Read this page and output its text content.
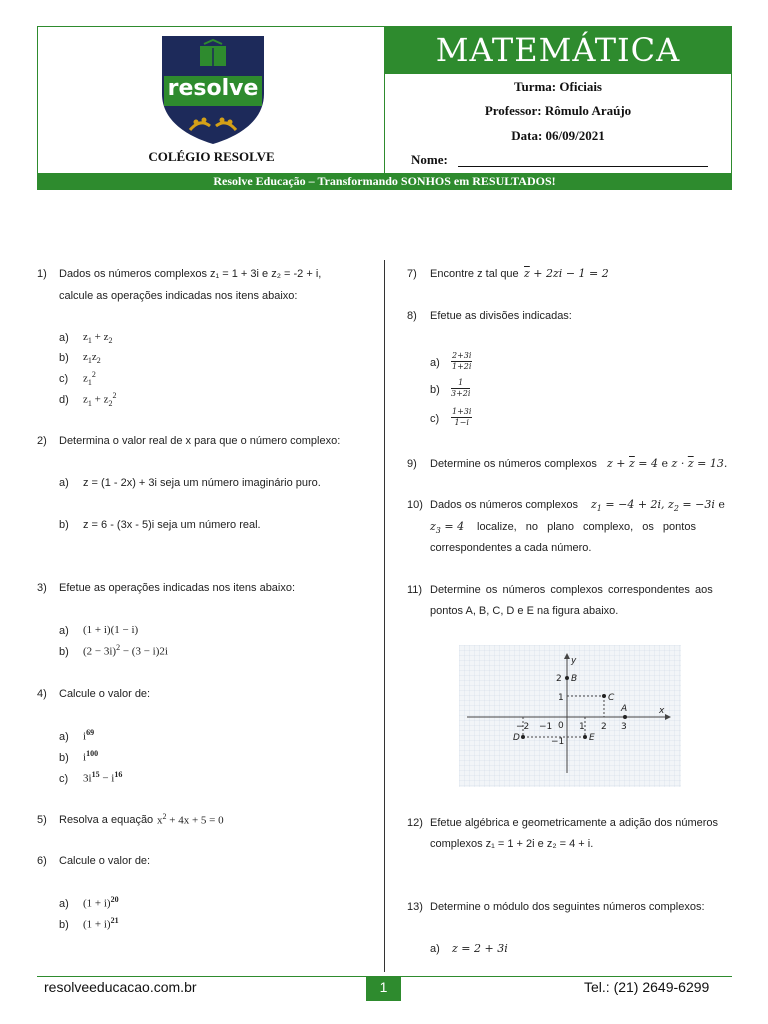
resolve
COLÉGIO RESOLVE
MATEMÁTICA
Turma: Oficiais
Professor: Rômulo Araújo
Data: 06/09/2021
Nome:
Resolve Educação – Transformando SONHOS em RESULTADOS!
1) Dados os números complexos z₁ = 1 + 3i e z₂ = -2 + i,
calcule as operações indicadas nos itens abaixo:
a) $z_1 + z_2$
b) $z_1z_2$
c) $z_1^2$
d) $z_1 + z_2^2$
2) Determina o valor real de x para que o número complexo:
a) z = (1 - 2x) + 3i seja um número imaginário puro.
b) z = 6 - (3x - 5)i seja um número real.
3) Efetue as operações indicadas nos itens abaixo:
a) (1 + i)(1 − i)
b) $(2 - 3i)^2 - (3 - i)2i$
4) Calcule o valor de:
a) $i^{69}$
b) $i^{100}$
c) $3i^{15} - i^{16}$
5) Resolva a equação $x^2 + 4x + 5 = 0$
6) Calcule o valor de:
a) $(1 + i)^{20}$
b) $(1 + i)^{21}$
7) Encontre z tal que $\overline{z} + 2zi - 1 = 2$
8) Efetue as divisões indicadas:
$a) \frac{2+3i}{1+2i}$
$b) \frac{1}{3+2i}$
$c) \frac{1+3i}{1-i}$
9) Determine os números complexos $z + \overline{z} = 4$ e $z \cdot \overline{z} = 13$.
10) Dados os números complexos $z_1 = -4 + 2i$, $z_2 = -3i$ e
$z_3 = 4$ localize, no plano complexo, os pontos
correspondentes a cada número.
11) Determine os números complexos correspondentes aos
pontos A, B, C, D e E na figura abaixo.
x
y
A
B
C
D	E
−2 −1 0 1 2 3
2
1
−1
12) Efetue algébrica e geometricamente a adição dos números
complexos z₁ = 1 + 2i e z₂ = 4 + i.
13) Determine o módulo dos seguintes números complexos:
a) z = 2 + 3i
resolveeducacao.com.br	1	Tel.: (21) 2649-6299
